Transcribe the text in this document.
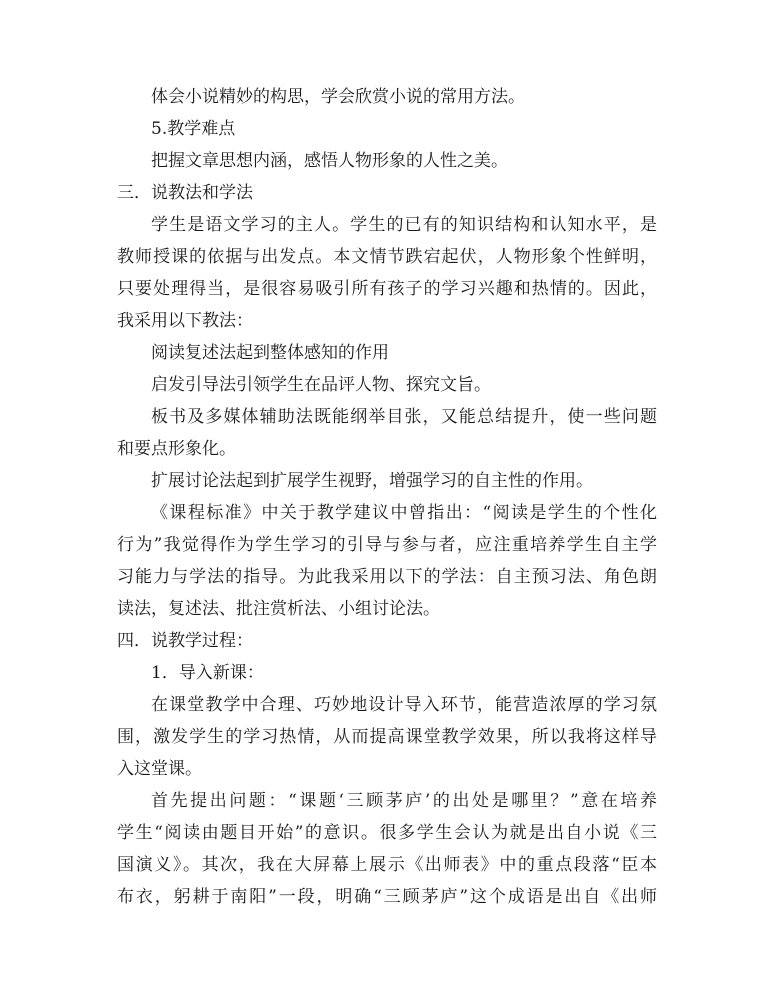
体会小说精妙的构思，学会欣赏小说的常用方法。
5.教学难点
把握文章思想内涵，感悟人物形象的人性之美。
三．说教法和学法
学生是语文学习的主人。学生的已有的知识结构和认知水平，是
教师授课的依据与出发点。本文情节跌宕起伏，人物形象个性鲜明，
只要处理得当，是很容易吸引所有孩子的学习兴趣和热情的。因此，
我采用以下教法：
阅读复述法起到整体感知的作用
启发引导法引领学生在品评人物、探究文旨。
板书及多媒体辅助法既能纲举目张，又能总结提升，使一些问题
和要点形象化。
扩展讨论法起到扩展学生视野，增强学习的自主性的作用。
《课程标准》中关于教学建议中曾指出：“阅读是学生的个性化
行为”我觉得作为学生学习的引导与参与者，应注重培养学生自主学
习能力与学法的指导。为此我采用以下的学法：自主预习法、角色朗
读法，复述法、批注赏析法、小组讨论法。
四．说教学过程：
1．导入新课：
在课堂教学中合理、巧妙地设计导入环节，能营造浓厚的学习氛
围，激发学生的学习热情，从而提高课堂教学效果，所以我将这样导
入这堂课。
首先提出问题：“课题‘三顾茅庐’的出处是哪里？”意在培养
学生“阅读由题目开始”的意识。很多学生会认为就是出自小说《三
国演义》。其次，我在大屏幕上展示《出师表》中的重点段落“臣本
布衣，躬耕于南阳”一段，明确“三顾茅庐”这个成语是出自《出师
